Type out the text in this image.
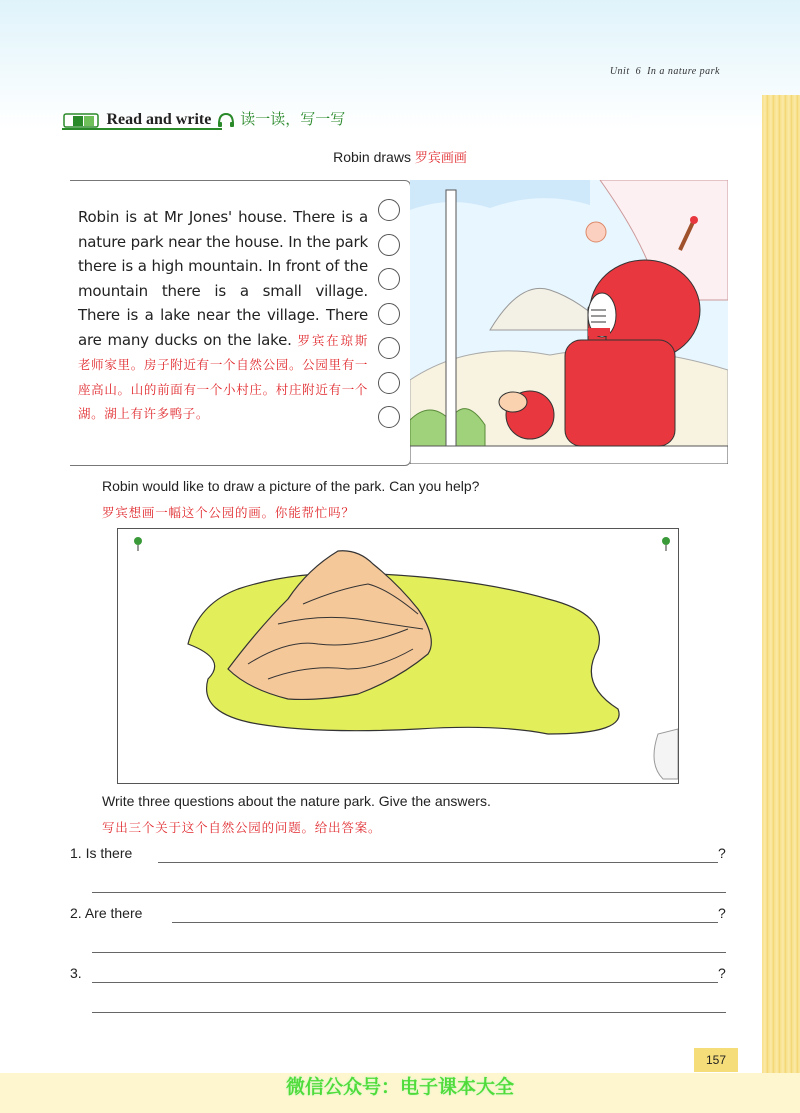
Unit 6 In a nature park
Read and write 读一读，写一写
Robin draws 罗宾画画
Robin is at Mr Jones' house. There is a nature park near the house. In the park there is a high mountain. In front of the mountain there is a small village. There is a lake near the village. There are many ducks on the lake. 罗宾在琼斯老师家里。房子附近有一个自然公园。公园里有一座高山。山的前面有一个小村庄。村庄附近有一个湖。湖上有许多鸭子。
Robin would like to draw a picture of the park. Can you help?
罗宾想画一幅这个公园的画。你能帮忙吗？
Write three questions about the nature park. Give the answers.
写出三个关于这个自然公园的问题。给出答案。
1. Is there	?
2. Are there	?
3.	?
157
微信公众号：电子课本大全
